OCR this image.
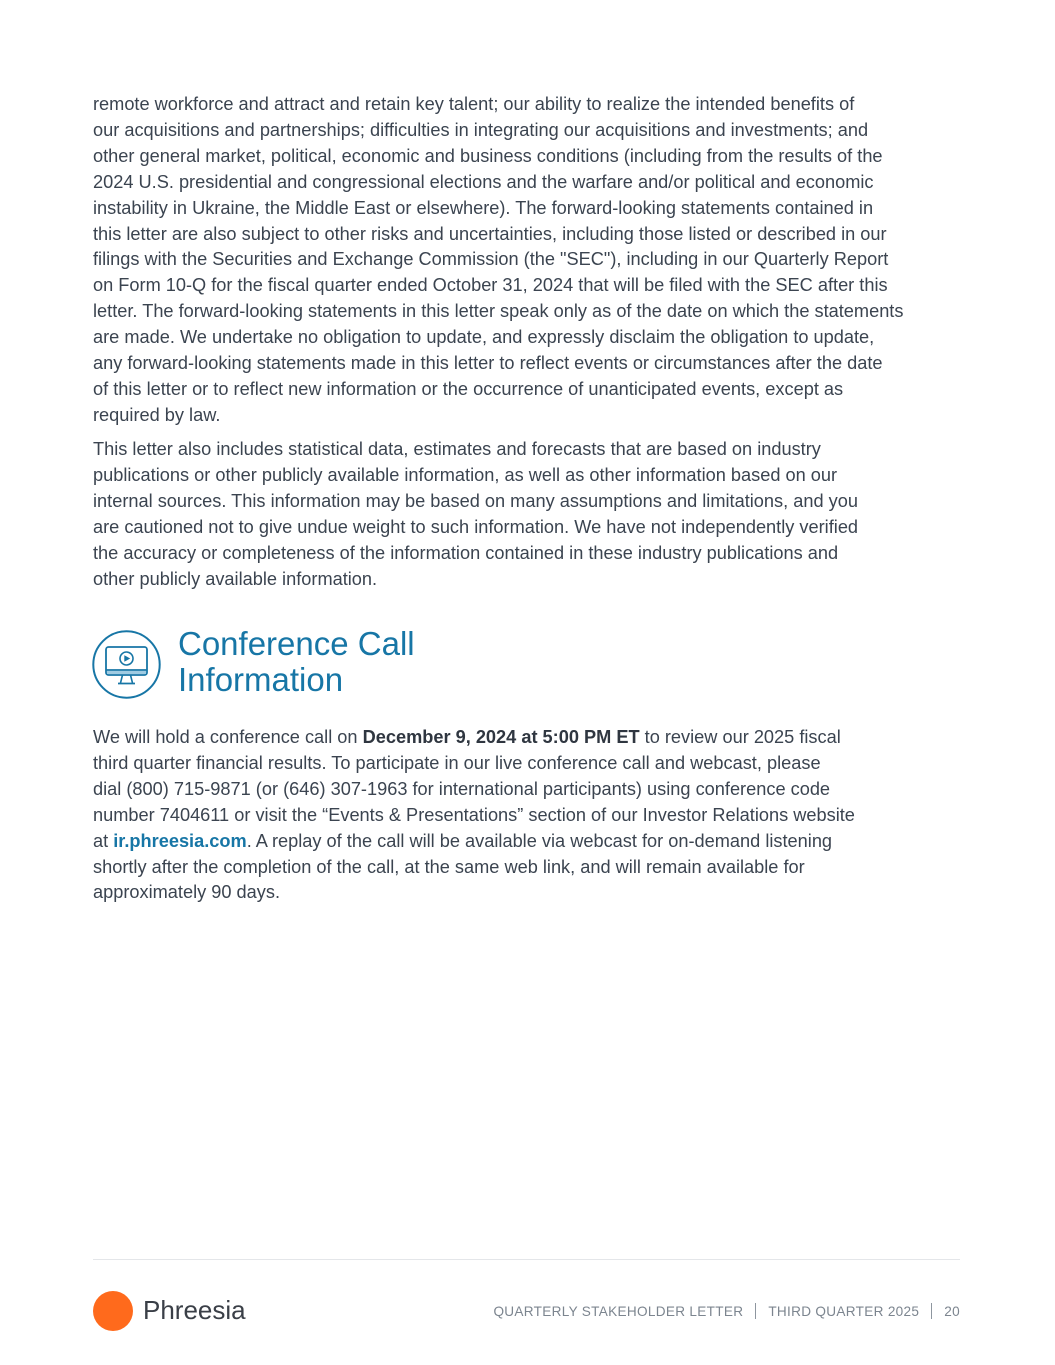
remote workforce and attract and retain key talent; our ability to realize the intended benefits of
our acquisitions and partnerships; difficulties in integrating our acquisitions and investments; and
other general market, political, economic and business conditions (including from the results of the
2024 U.S. presidential and congressional elections and the warfare and/or political and economic
instability in Ukraine, the Middle East or elsewhere). The forward-looking statements contained in
this letter are also subject to other risks and uncertainties, including those listed or described in our
filings with the Securities and Exchange Commission (the "SEC"), including in our Quarterly Report
on Form 10-Q for the fiscal quarter ended October 31, 2024 that will be filed with the SEC after this
letter. The forward-looking statements in this letter speak only as of the date on which the statements
are made. We undertake no obligation to update, and expressly disclaim the obligation to update,
any forward-looking statements made in this letter to reflect events or circumstances after the date
of this letter or to reflect new information or the occurrence of unanticipated events, except as
required by law.

This letter also includes statistical data, estimates and forecasts that are based on industry
publications or other publicly available information, as well as other information based on our
internal sources. This information may be based on many assumptions and limitations, and you
are cautioned not to give undue weight to such information. We have not independently verified
the accuracy or completeness of the information contained in these industry publications and
other publicly available information.

Conference Call
Information

We will hold a conference call on December 9, 2024 at 5:00 PM ET to review our 2025 fiscal
third quarter financial results. To participate in our live conference call and webcast, please
dial (800) 715-9871 (or (646) 307-1963 for international participants) using conference code
number 7404611 or visit the “Events & Presentations” section of our Investor Relations website
at ir.phreesia.com. A replay of the call will be available via webcast for on-demand listening
shortly after the completion of the call, at the same web link, and will remain available for
approximately 90 days.

Phreesia	QUARTERLY STAKEHOLDER LETTER THIRD QUARTER 2025 20
